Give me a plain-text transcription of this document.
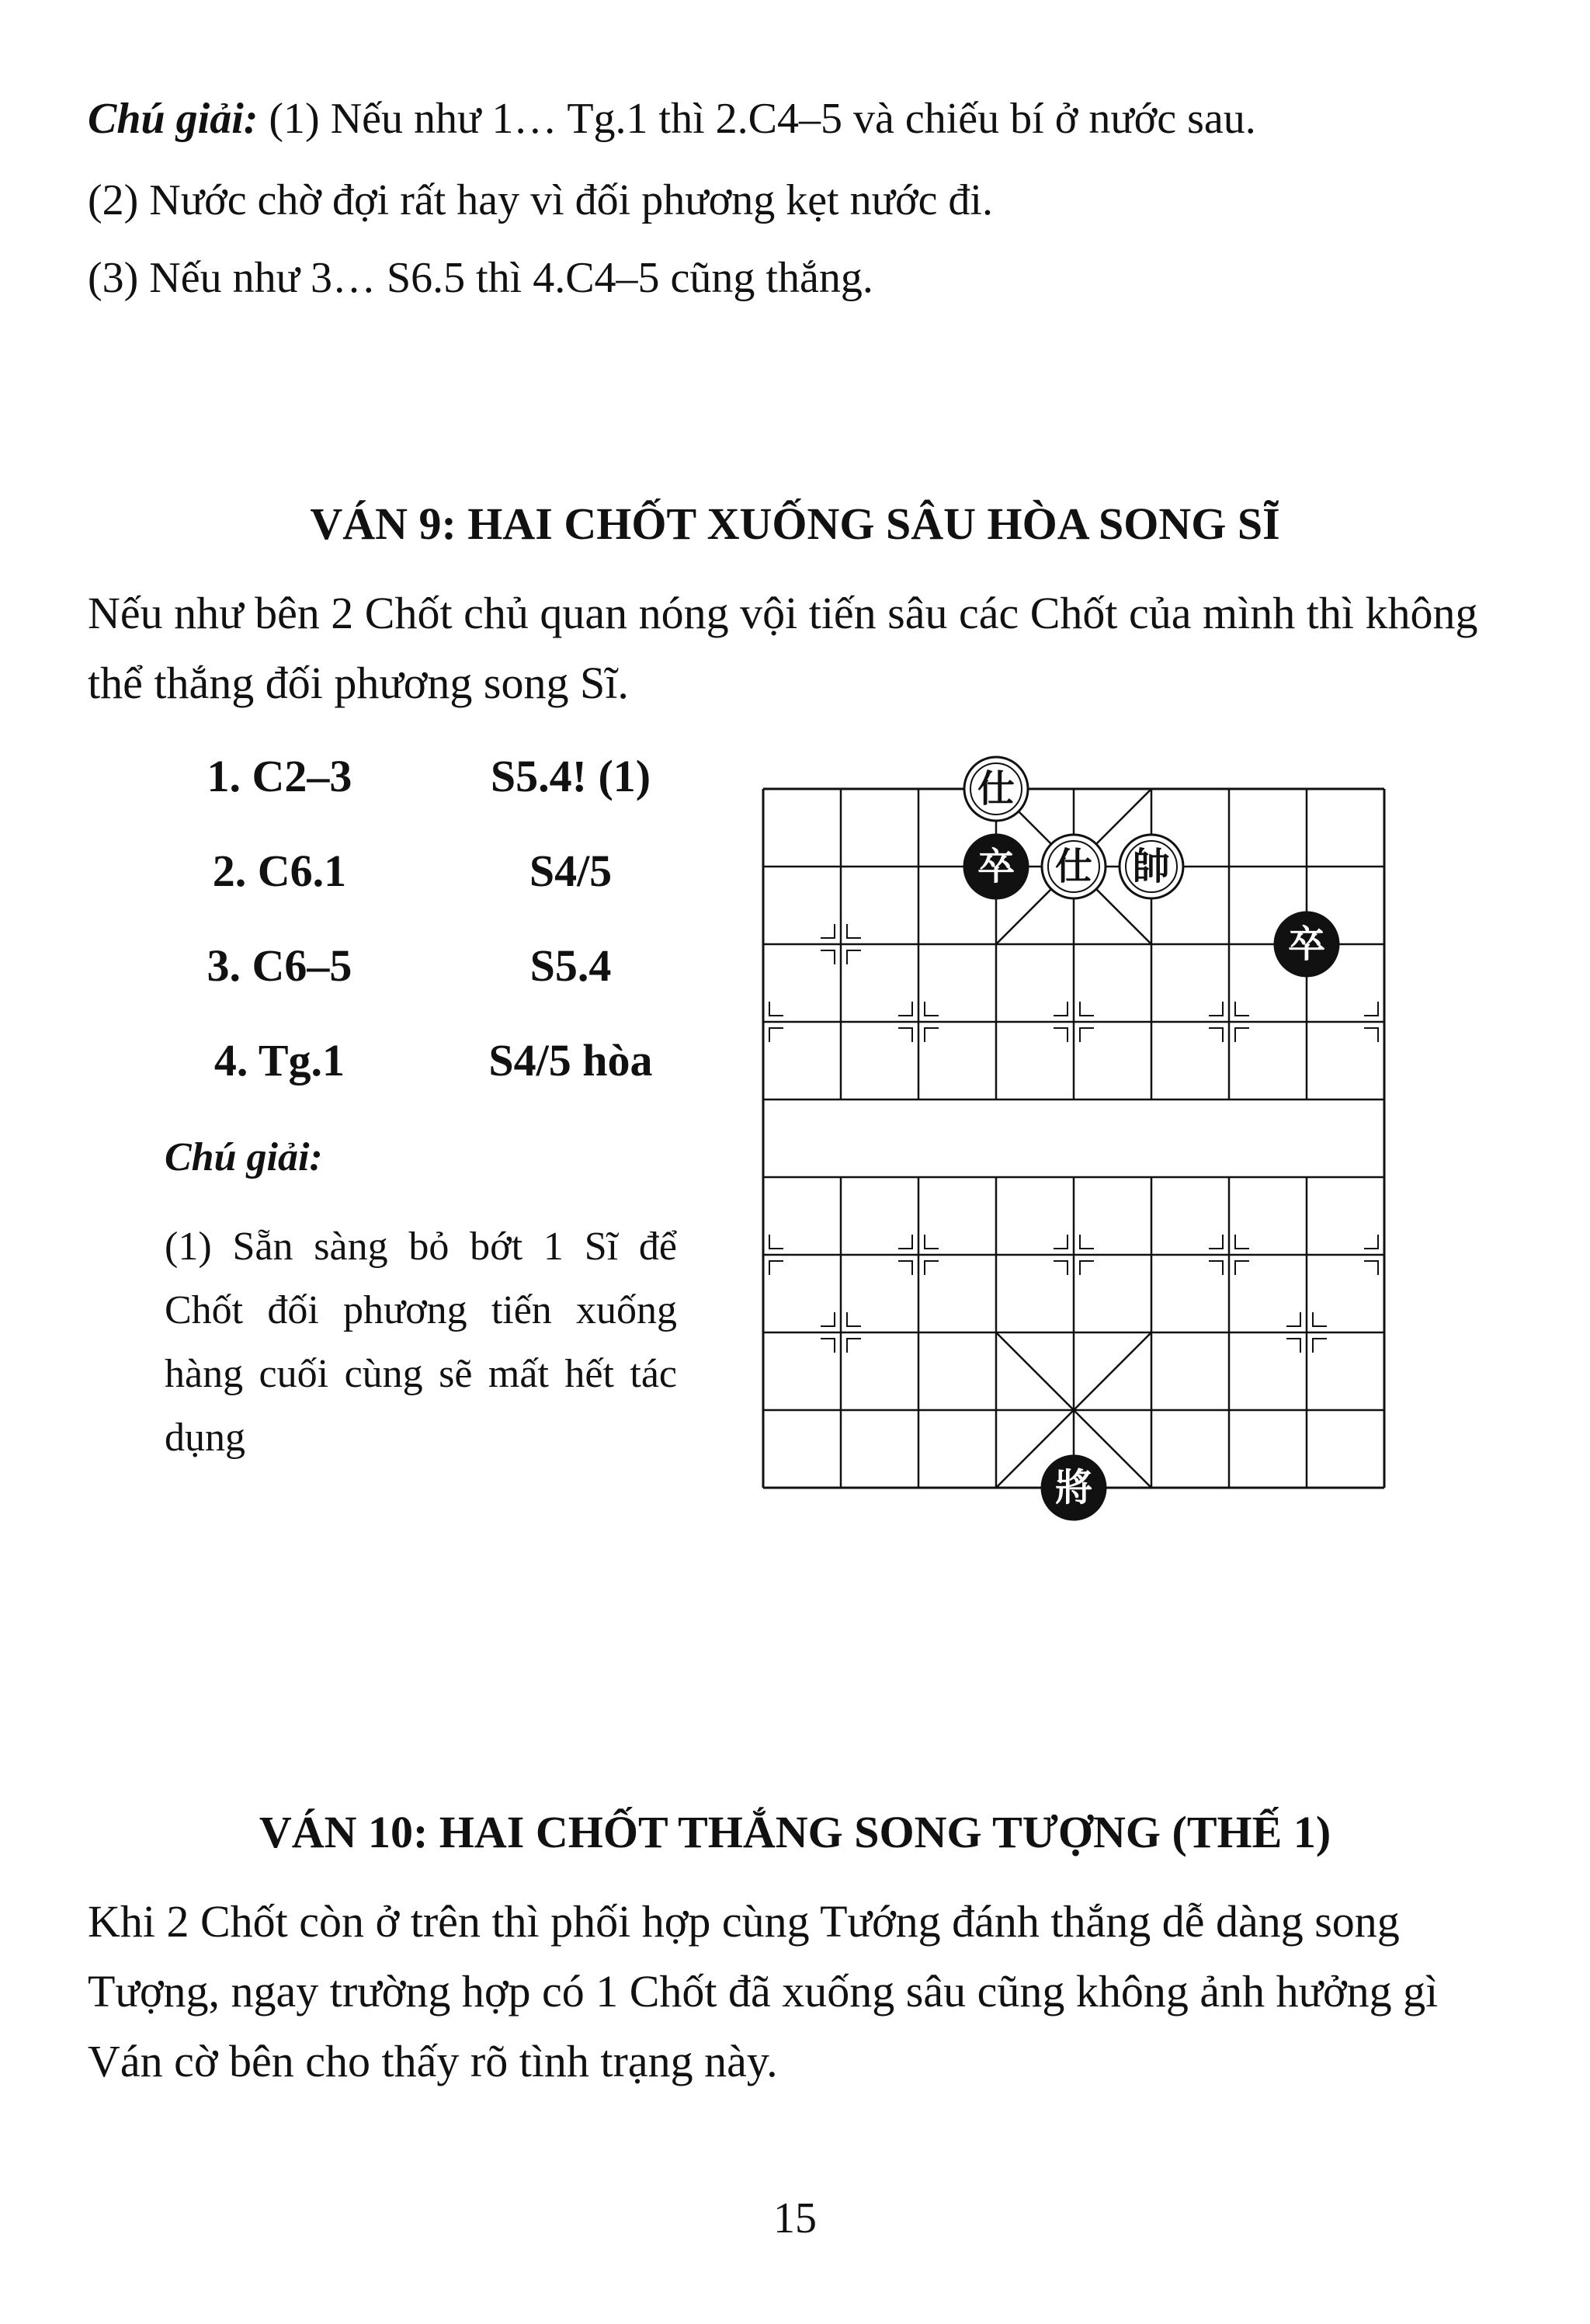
Chú giải: (1) Nếu như 1… Tg.1 thì 2.C4–5 và chiếu bí ở nước sau.

(2) Nước chờ đợi rất hay vì đối phương kẹt nước đi.

(3) Nếu như 3… S6.5 thì 4.C4–5 cũng thắng.

VÁN 9: HAI CHỐT XUỐNG SÂU HÒA SONG SĨ

Nếu như bên 2 Chốt chủ quan nóng vội tiến sâu các Chốt của mình thì không thể thắng đối phương song Sĩ.

1. C2–3	S5.4! (1)
2. C6.1	S4/5
3. C6–5	S5.4
4. Tg.1	S4/5 hòa

Chú giải:

(1) Sẵn sàng bỏ bớt 1 Sĩ để Chốt đối phương tiến xuống hàng cuối cùng sẽ mất hết tác dụng

仕
卒 仕 帥
卒
將
VÁN 10: HAI CHỐT THẮNG SONG TƯỢNG (THẾ 1)

Khi 2 Chốt còn ở trên thì phối hợp cùng Tướng đánh thắng dễ dàng song Tượng, ngay trường hợp có 1 Chốt đã xuống sâu cũng không ảnh hưởng gì Ván cờ bên cho thấy rõ tình trạng này.

15
